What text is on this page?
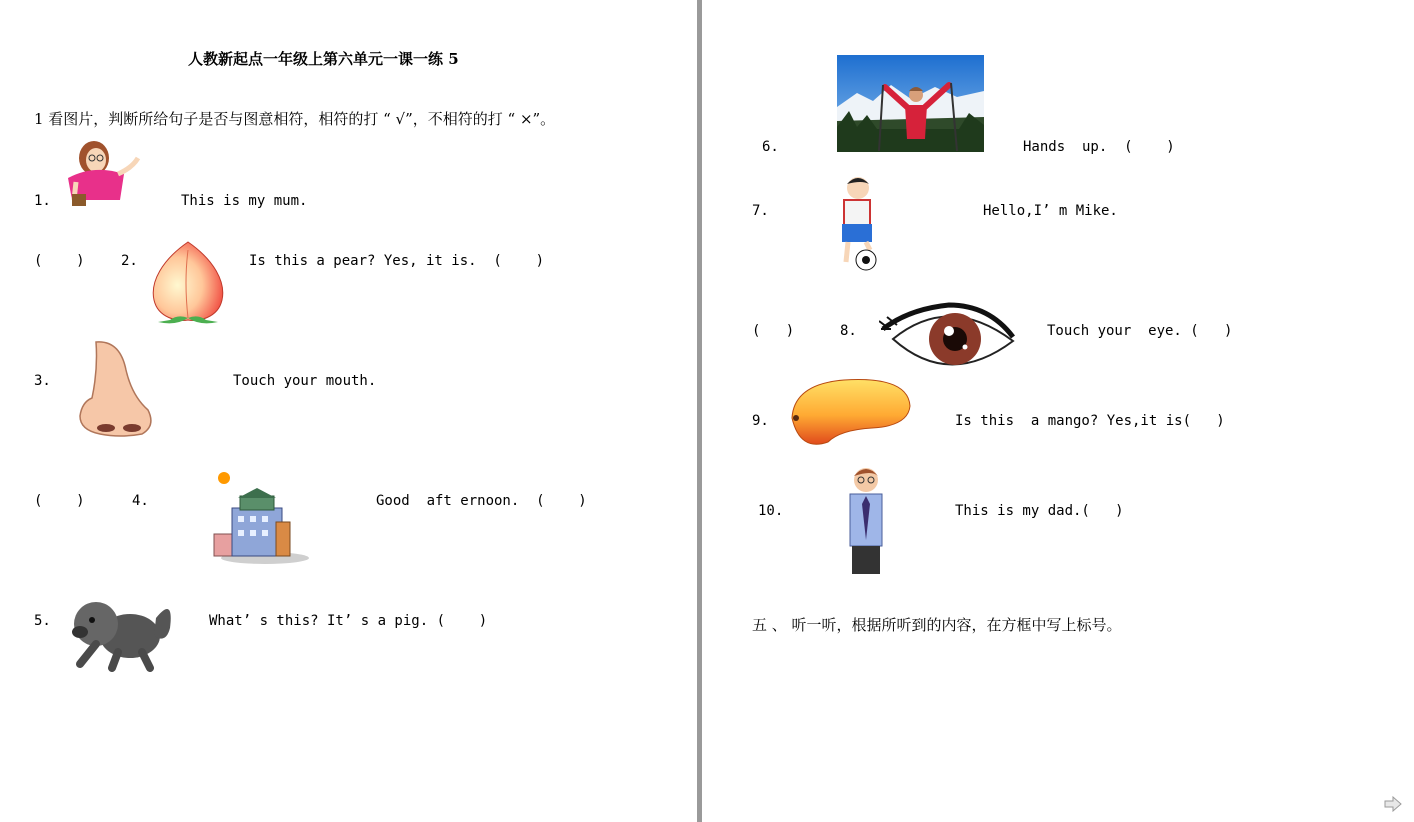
人教新起点一年级上第六单元一课一练 5
1 看图片，判断所给句子是否与图意相符，相符的打 “ √”，不相符的打 “ ×”。
1.	This is my mum.
(    )	2.	Is this a pear? Yes, it is.  (    )
3.	Touch your mouth.
(    )	4.	Good  aft ernoon.  (    )
5.	What’ s this? It’ s a pig. (    )
6.	Hands  up.  (    )
7.	Hello,I’ m Mike.
(   )	8.	Touch your  eye. (   )
9.	Is this  a mango? Yes,it is(   )
10.	This is my dad.(   )
五 、 听一听，根据所听到的内容，在方框中写上标号。
